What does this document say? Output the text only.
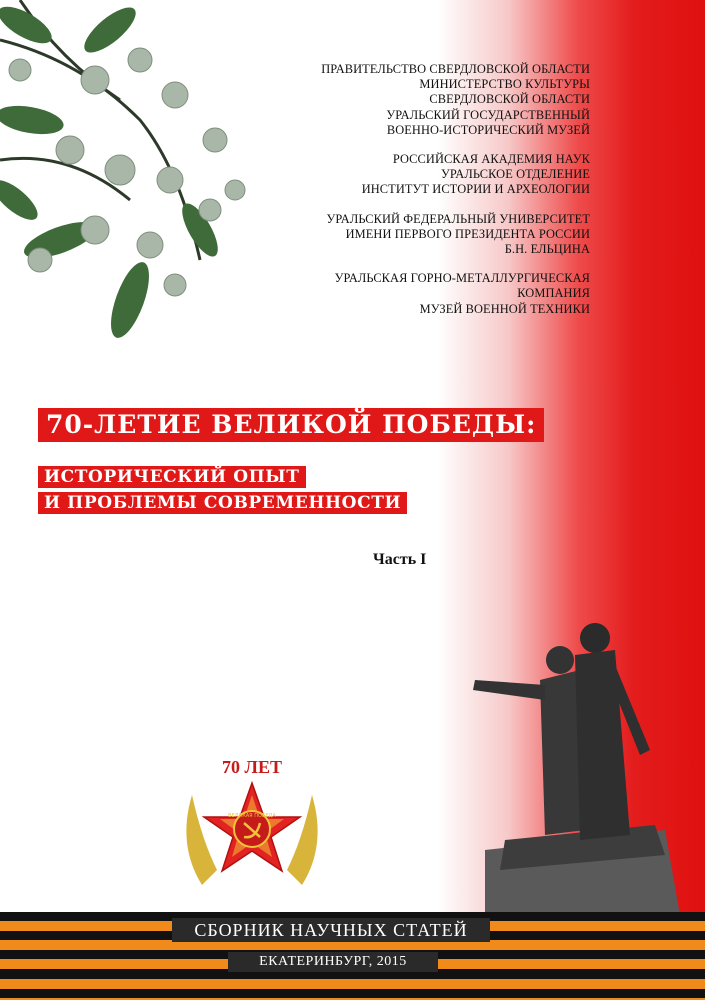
ПРАВИТЕЛЬСТВО СВЕРДЛОВСКОЙ ОБЛАСТИ
МИНИСТЕРСТВО КУЛЬТУРЫ
СВЕРДЛОВСКОЙ ОБЛАСТИ
УРАЛЬСКИЙ ГОСУДАРСТВЕННЫЙ
ВОЕННО-ИСТОРИЧЕСКИЙ МУЗЕЙ
РОССИЙСКАЯ АКАДЕМИЯ НАУК
УРАЛЬСКОЕ ОТДЕЛЕНИЕ
ИНСТИТУТ ИСТОРИИ И АРХЕОЛОГИИ
УРАЛЬСКИЙ ФЕДЕРАЛЬНЫЙ УНИВЕРСИТЕТ
ИМЕНИ ПЕРВОГО ПРЕЗИДЕНТА РОССИИ
Б.Н. ЕЛЬЦИНА
УРАЛЬСКАЯ ГОРНО-МЕТАЛЛУРГИЧЕСКАЯ
КОМПАНИЯ
МУЗЕЙ ВОЕННОЙ ТЕХНИКИ
70-ЛЕТИЕ ВЕЛИКОЙ ПОБЕДЫ:
ИСТОРИЧЕСКИЙ ОПЫТ
И ПРОБЛЕМЫ СОВРЕМЕННОСТИ
Часть I
70 ЛЕТ
ВЕЛИКАЯ ПОБЕДА
СБОРНИК НАУЧНЫХ СТАТЕЙ
ЕКАТЕРИНБУРГ, 2015
